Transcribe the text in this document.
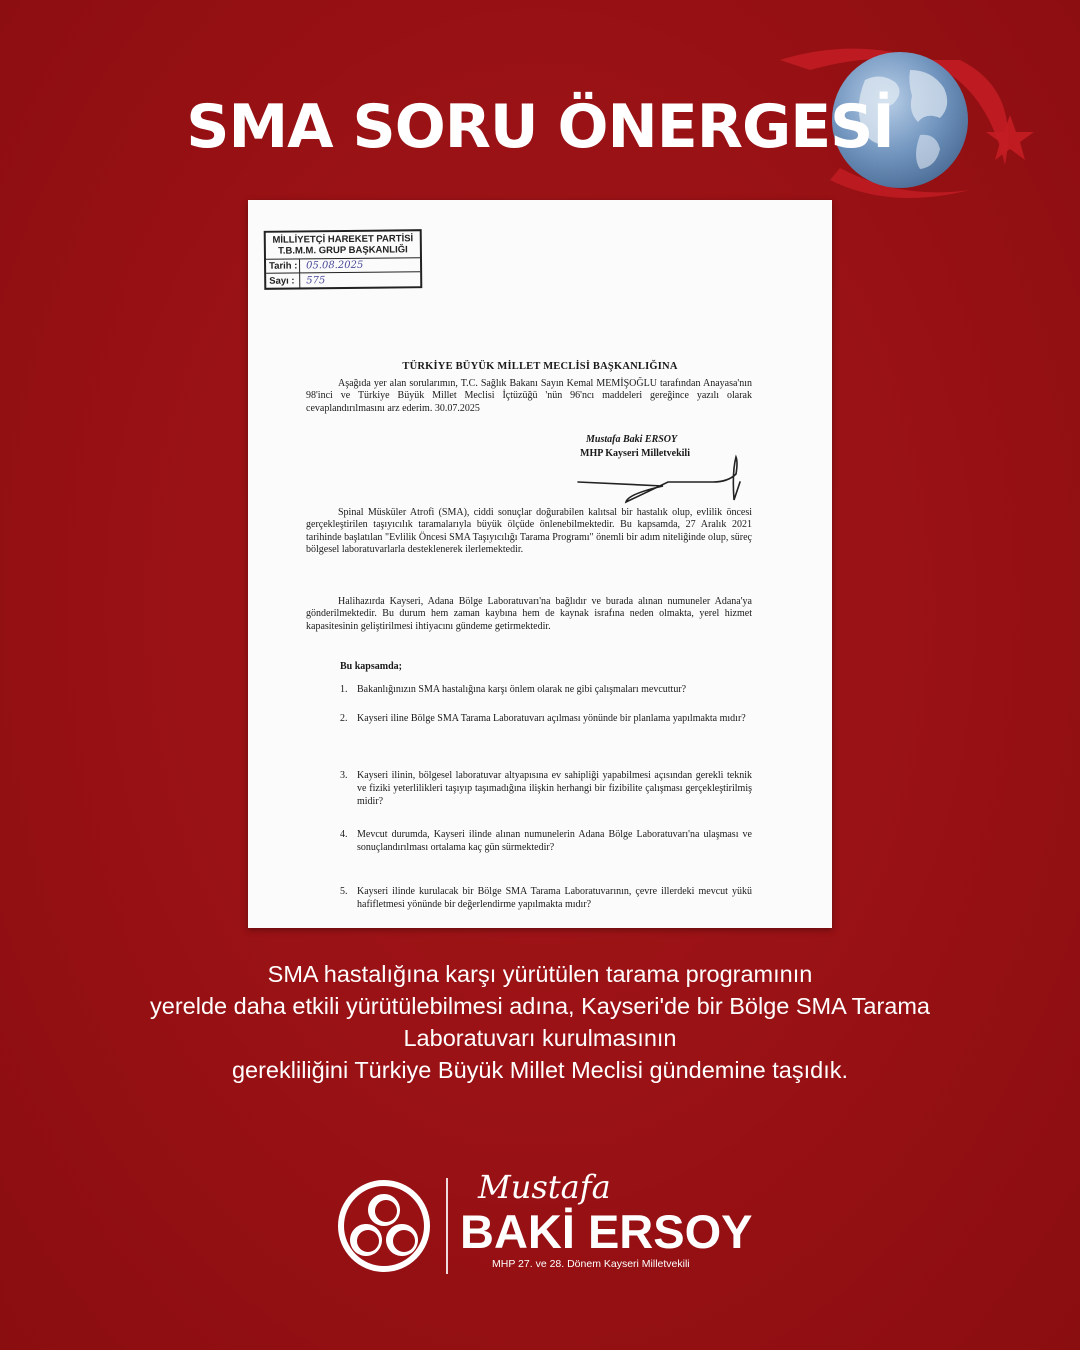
SMA SORU ÖNERGESİ
MİLLİYETÇİ HAREKET PARTİSİ
T.B.M.M. GRUP BAŞKANLIĞI
Tarih : 05.08.2025
Sayı :	575
TÜRKİYE BÜYÜK MİLLET MECLİSİ BAŞKANLIĞINA
Aşağıda yer alan sorularımın, T.C. Sağlık Bakanı Sayın Kemal MEMİŞOĞLU tarafından Anayasa'nın 98'inci ve Türkiye Büyük Millet Meclisi İçtüzüğü 'nün 96'ncı maddeleri gereğince yazılı olarak cevaplandırılmasını arz ederim. 30.07.2025
Mustafa Baki ERSOY
MHP Kayseri Milletvekili
Spinal Müsküler Atrofi (SMA), ciddi sonuçlar doğurabilen kalıtsal bir hastalık olup, evlilik öncesi gerçekleştirilen taşıyıcılık taramalarıyla büyük ölçüde önlenebilmektedir. Bu kapsamda, 27 Aralık 2021 tarihinde başlatılan "Evlilik Öncesi SMA Taşıyıcılığı Tarama Programı" önemli bir adım niteliğinde olup, süreç bölgesel laboratuvarlarla desteklenerek ilerlemektedir.
Halihazırda Kayseri, Adana Bölge Laboratuvarı'na bağlıdır ve burada alınan numuneler Adana'ya gönderilmektedir. Bu durum hem zaman kaybına hem de kaynak israfına neden olmakta, yerel hizmet kapasitesinin geliştirilmesi ihtiyacını gündeme getirmektedir.
Bu kapsamda;
1. Bakanlığınızın SMA hastalığına karşı önlem olarak ne gibi çalışmaları mevcuttur?
2. Kayseri iline Bölge SMA Tarama Laboratuvarı açılması yönünde bir planlama yapılmakta mıdır?
3. Kayseri ilinin, bölgesel laboratuvar altyapısına ev sahipliği yapabilmesi açısından gerekli teknik ve fiziki yeterlilikleri taşıyıp taşımadığına ilişkin herhangi bir fizibilite çalışması gerçekleştirilmiş midir?
4. Mevcut durumda, Kayseri ilinde alınan numunelerin Adana Bölge Laboratuvarı'na ulaşması ve sonuçlandırılması ortalama kaç gün sürmektedir?
5. Kayseri ilinde kurulacak bir Bölge SMA Tarama Laboratuvarının, çevre illerdeki mevcut yükü hafifletmesi yönünde bir değerlendirme yapılmakta mıdır?
SMA hastalığına karşı yürütülen tarama programının
yerelde daha etkili yürütülebilmesi adına, Kayseri'de bir Bölge SMA Tarama
Laboratuvarı kurulmasının
gerekliliğini Türkiye Büyük Millet Meclisi gündemine taşıdık.
Mustafa
BAKİ ERSOY
MHP 27. ve 28. Dönem Kayseri Milletvekili
